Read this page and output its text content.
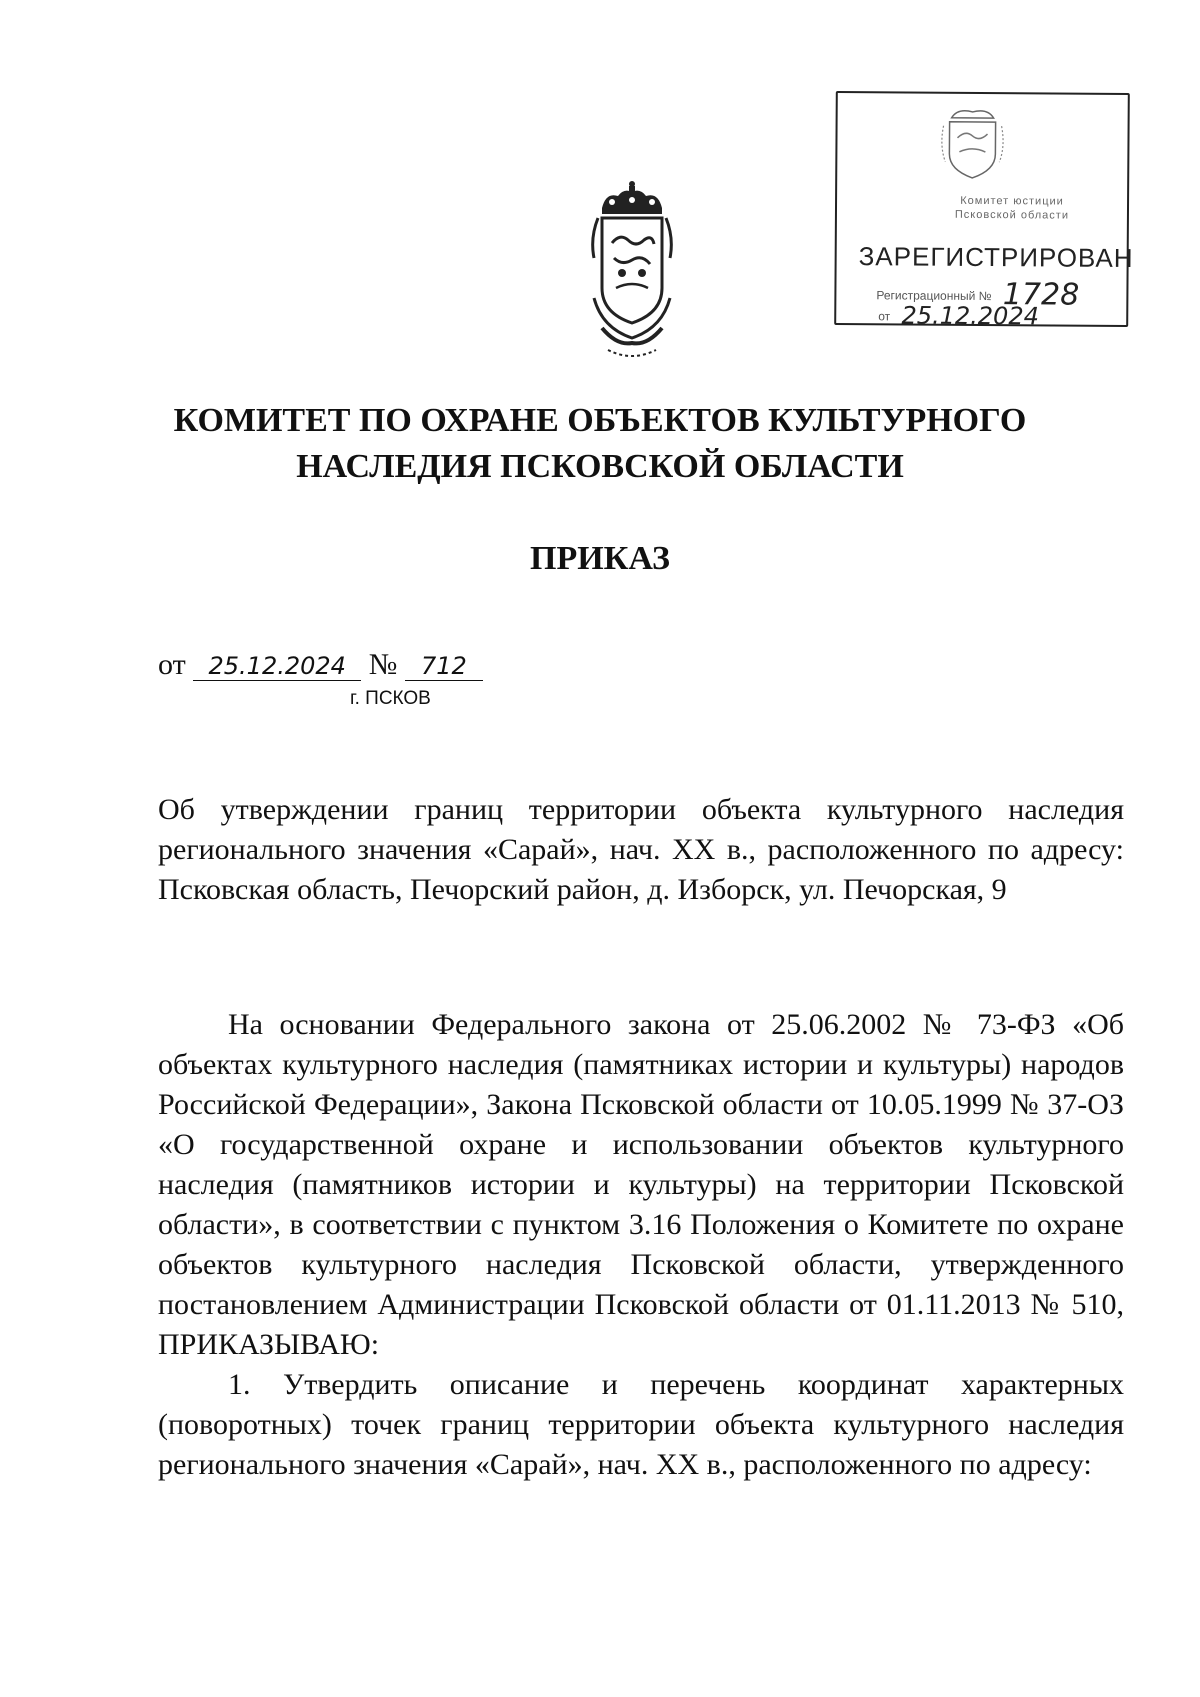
Комитет юстиции
Псковской области
ЗАРЕГИСТРИРОВАН
Регистрационный № 1728
от 25.12.2024
КОМИТЕТ ПО ОХРАНЕ ОБЪЕКТОВ КУЛЬТУРНОГО
НАСЛЕДИЯ ПСКОВСКОЙ ОБЛАСТИ
ПРИКАЗ
от 25.12.2024 № 712
г. ПСКОВ

Об утверждении границ территории объекта культурного наследия регионального значения «Сарай», нач. XX в., расположенного по адресу: Псковская область, Печорский район, д. Изборск, ул. Печорская, 9

На основании Федерального закона от 25.06.2002 № 73-ФЗ «Об объектах культурного наследия (памятниках истории и культуры) народов Российской Федерации», Закона Псковской области от 10.05.1999 № 37-ОЗ «О государственной охране и использовании объектов культурного наследия (памятников истории и культуры) на территории Псковской области», в соответствии с пунктом 3.16 Положения о Комитете по охране объектов культурного наследия Псковской области, утвержденного постановлением Администрации Псковской области от 01.11.2013 № 510, ПРИКАЗЫВАЮ:

1. Утвердить описание и перечень координат характерных (поворотных) точек границ территории объекта культурного наследия регионального значения «Сарай», нач. XX в., расположенного по адресу:
